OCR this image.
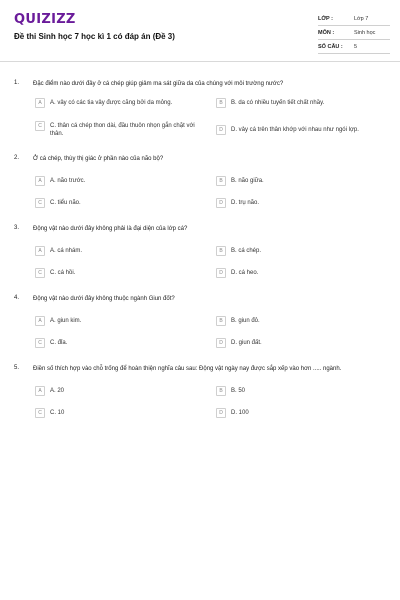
QUIZIZZ
Đề thi Sinh học 7 học kì 1 có đáp án (Đề 3)
LỚP :	Lớp 7
MÔN :	Sinh học
SỐ CÂU :	5
1. Đặc điểm nào dưới đây ở cá chép giúp giảm ma sát giữa da của chúng với môi trường nước?
A	A. vây có các tia vây được căng bởi da mỏng.	B	B. da có nhiều tuyến tiết chất nhầy.
C	C. thân cá chép thon dài, đầu thuôn nhọn gắn chặt với thân.
D	D. vảy cá trên thân khớp với nhau như ngói lợp.
2. Ở cá chép, thùy thị giác ở phần nào của não bộ?
A	A. não trước.	B	B. não giữa.
C	C. tiểu não.	D	D. trụ não.
3. Động vật nào dưới đây không phải là đại diện của lớp cá?
A	A. cá nhám.	B	B. cá chép.
C	C. cá hồi.	D	D. cá heo.
4. Động vật nào dưới đây không thuộc ngành Giun đốt?
A	A. giun kim.	B	B. giun đỏ.
C	C. đỉa.	D	D. giun đất.
5. Điền số thích hợp vào chỗ trống để hoàn thiện nghĩa câu sau: Động vật ngày nay được sắp xếp vào hơn ..... ngành.
A	A. 20	B	B. 50
C	C. 10	D	D. 100
